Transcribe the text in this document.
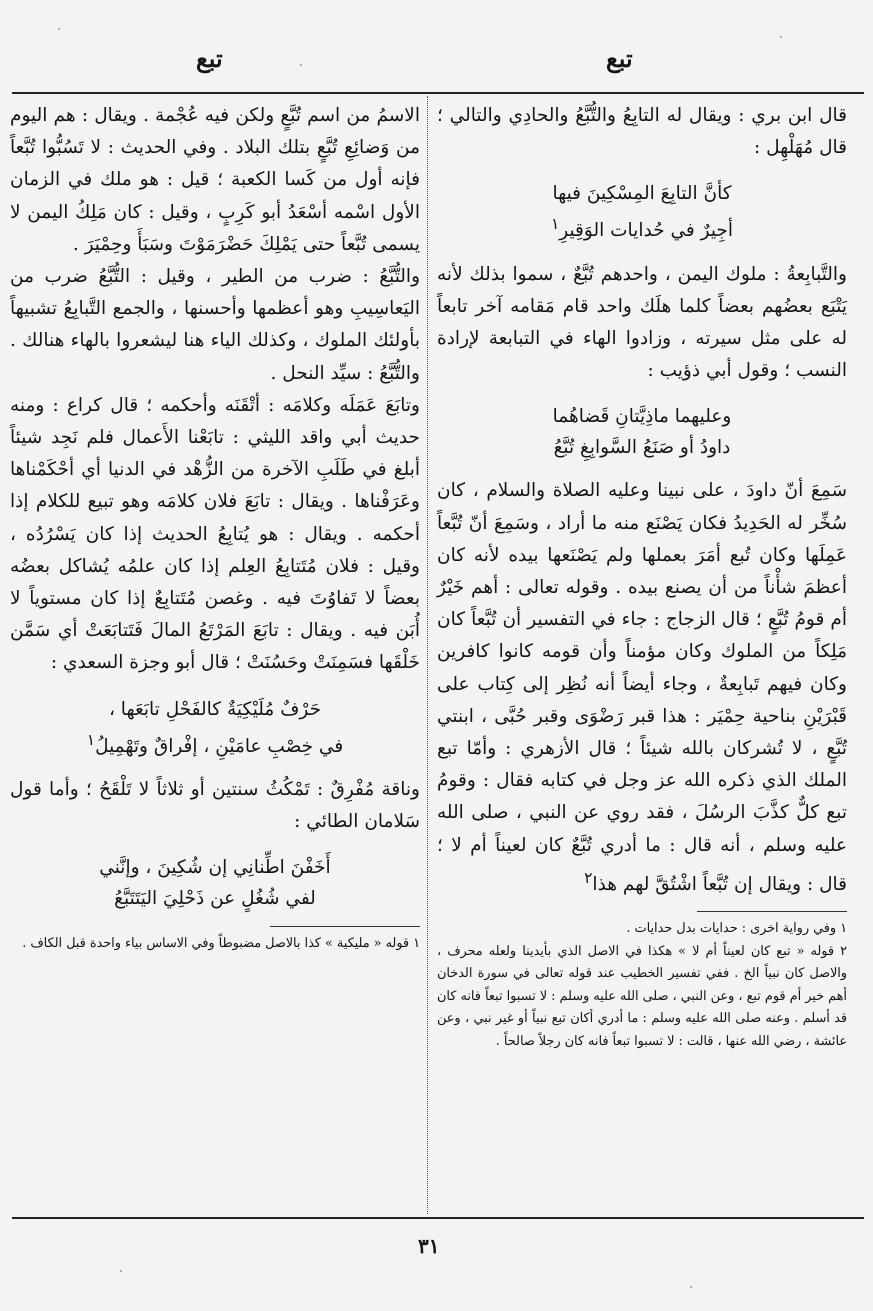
تبع
تبع

قال ابن بري : ويقال له التابِعُ والتُّبَّعُ والحادِي والتالي ؛ قال مُهَلْهِل :

كأنَّ التابِعَ المِسْكِينَ فيها
أجِيرٌ في حُدايات الوَقِيرِ$^١$

والتَّبابِعةُ : ملوك اليمن ، واحدهم تُبَّعٌ ، سموا بذلك لأنه يَتْبَع بعضُهم بعضاً كلما هلَك واحد قام مَقامه آخر تابعاً له على مثل سيرته ، وزادوا الهاء في التبابعة لإرادة النسب ؛ وقول أبي ذؤيب :

وعليهما ماذِيَّتانِ قَضاهُما
داودُ أو صَنَعُ السَّوابِغِ تُبَّعُ

سَمِعَ أنّ داودَ ، على نبينا وعليه الصلاة والسلام ، كان سُخِّر له الحَدِيدُ فكان يَصْنَع منه ما أراد ، وسَمِعَ أنّ تُبَّعاً عَمِلَها وكان تُبع أمَرَ بعملها ولم يَصْنَعها بيده لأنه كان أعظمَ شأْناً من أن يصنع بيده . وقوله تعالى : أهم خَيْرٌ أم قومُ تُبَّعٍ ؛ قال الزجاج : جاء في التفسير أن تُبَّعاً كان مَلِكاً من الملوك وكان مؤمناً وأن قومه كانوا كافرين وكان فيهم تَبابِعةٌ ، وجاء أيضاً أنه نُظِر إلى كِتاب على قَبْرَيْنِ بناحية حِمْيَر : هذا قبر رَضْوَى وقبر حُبَّى ، ابنتي تُبَّعٍ ، لا تُشركان بالله شيئاً ؛ قال الأزهري : وأمّا تبع الملك الذي ذكره الله عز وجل في كتابه فقال : وقومُ تبع كلٌّ كذَّبَ الرسُلَ ، فقد روي عن النبي ، صلى الله عليه وسلم ، أنه قال : ما أدري تُبَّعٌ كان لعيناً أم لا ؛ قال : ويقال إن تُبَّعاً اشْتُقَّ لهم هذا$^٢$

١ وفي رواية اخرى : حدايات بدل حدايات .

٢ قوله « تبع كان لعيناً أم لا » هكذا في الاصل الذي بأيدينا ولعله محرف ، والاصل كان نبياً الخ . ففي تفسير الخطيب عند قوله تعالى في سورة الدخان أهم خير أم قوم تبع ، وعن النبي ، صلى الله عليه وسلم : لا تسبوا تبعاً فانه كان قد أسلم . وعنه صلى الله عليه وسلم : ما أدري أكان تبع نبياً أو غير نبي ، وعن عائشة ، رضي الله عنها ، قالت : لا تسبوا تبعاً فانه كان رجلاً صالحاً .

الاسمُ من اسم تُبَّعٍ ولكن فيه عُجْمة . ويقال : هم اليوم من وَضائِعِ تُبَّعٍ بتلك البلاد . وفي الحديث : لا تَسُبُّوا تُبَّعاً فإنه أول من كَسا الكعبة ؛ قيل : هو ملك في الزمان الأول اسْمه أسْعَدُ أبو كَرِبٍ ، وقيل : كان مَلِكُ اليمن لا يسمى تُبَّعاً حتى يَمْلِكَ حَضْرَمَوْتَ وسَبَأَ وحِمْيَرَ .

والتُّبَّعُ : ضرب من الطير ، وقيل : التُّبَّعُ ضرب من اليَعاسِيبِ وهو أعظمها وأحسنها ، والجمع التَّبابِعُ تشبيهاً بأولئك الملوك ، وكذلك الياء هنا ليشعروا بالهاء هنالك . والتُّبَّعُ : سيِّد النحل .

وتابَعَ عَمَلَه وكلامَه : أتْقَنَه وأحكمه ؛ قال كراع : ومنه حديث أبي واقد الليثي : تابَعْنا الأَعمال فلم نَجِد شيئاً أبلغ في طَلَبِ الآخرة من الزُّهْد في الدنيا أي أحْكَمْناها وعَرَفْناها . ويقال : تابَعَ فلان كلامَه وهو تبيع للكلام إذا أحكمه . ويقال : هو يُتابِعُ الحديث إذا كان يَسْرُدُه ، وقيل : فلان مُتَتابِعُ العِلم إذا كان علمُه يُشاكل بعضُه بعضاً لا تَفاوُتَ فيه . وغصن مُتَتابِعٌ إذا كان مستوياً لا أُبَن فيه . ويقال : تابَعَ المَرْتَعُ المالَ فَتَتابَعَتْ أي سَمَّن خَلْقَها فسَمِنَتْ وحَسُنَتْ ؛ قال أبو وجزة السعدي :

حَرْفٌ مُلَيْكِيَةٌ كالفَحْلِ تابَعَها ،
في خِصْبِ عامَيْنِ ، إفْراقٌ وتَهْمِيلُ$^١$

وناقة مُفْرِقٌ : تَمْكُثُ سنتين أو ثلاثاً لا تَلْقَحُ ؛ وأما قول سَلامان الطائي :

أَخَفْنَ اطِّنانِي إن شُكِينَ ، وإنَّني
لفي شُغُلٍ عن ذَحْلِيَ اليَتَتَبَّعُ

١ قوله « مليكية » كذا بالاصل مضبوطاً وفي الاساس بياء واحدة قبل الكاف .

٣١
